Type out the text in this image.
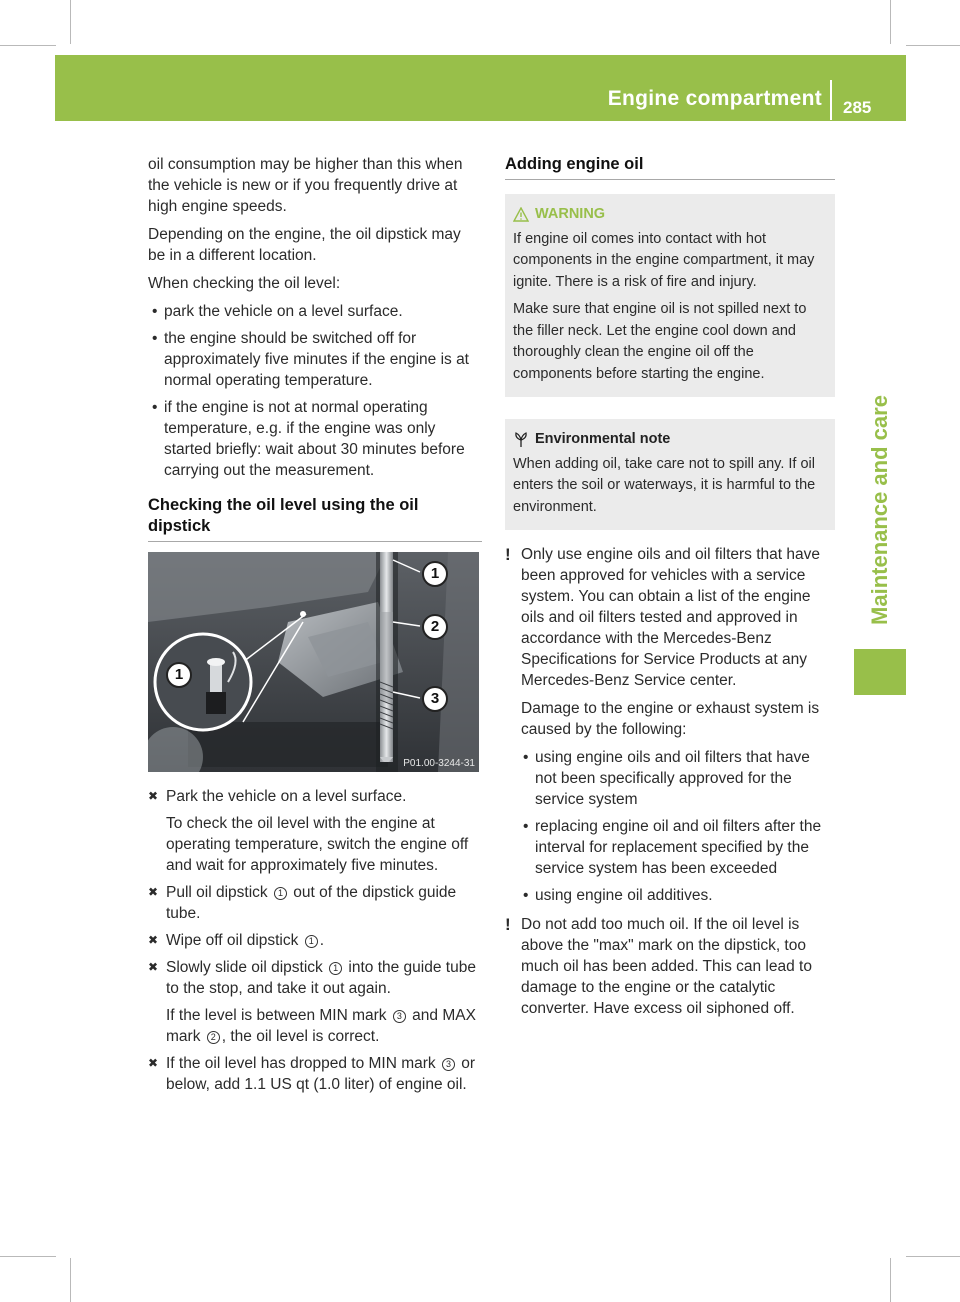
Engine compartment 285
Maintenance and care

oil consumption may be higher than this when the vehicle is new or if you frequently drive at high engine speeds.

Depending on the engine, the oil dipstick may be in a different location.

When checking the oil level:

• park the vehicle on a level surface.
• the engine should be switched off for approximately five minutes if the engine is at normal operating temperature.
• if the engine is not at normal operating temperature, e.g. if the engine was only started briefly: wait about 30 minutes before carrying out the measurement.
Checking the oil level using the oil dipstick
1
1
2
3
P01.00-3244-31
✖ Park the vehicle on a level surface.
To check the oil level with the engine at operating temperature, switch the engine off and wait for approximately five minutes.
✖ Pull oil dipstick 1 out of the dipstick guide tube.
✖ Wipe off oil dipstick 1 .
✖ Slowly slide oil dipstick 1 into the guide tube to the stop, and take it out again.
If the level is between MIN mark 3 and MAX mark 2 , the oil level is correct.
✖ If the oil level has dropped to MIN mark 3 or below, add 1.1 US qt (1.0 liter) of engine oil.
Adding engine oil
WARNING

If engine oil comes into contact with hot components in the engine compartment, it may ignite. There is a risk of fire and injury.

Make sure that engine oil is not spilled next to the filler neck. Let the engine cool down and thoroughly clean the engine oil off the components before starting the engine.

Environmental note

When adding oil, take care not to spill any. If oil enters the soil or waterways, it is harmful to the environment.

! Only use engine oils and oil filters that have been approved for vehicles with a service system. You can obtain a list of the engine oils and oil filters tested and approved in accordance with the Mercedes-Benz Specifications for Service Products at any Mercedes-Benz Service center.

Damage to the engine or exhaust system is caused by the following:

• using engine oils and oil filters that have not been specifically approved for the service system
• replacing engine oil and oil filters after the interval for replacement specified by the service system has been exceeded
• using engine oil additives.
! Do not add too much oil. If the oil level is above the "max" mark on the dipstick, too much oil has been added. This can lead to damage to the engine or the catalytic converter. Have excess oil siphoned off.
